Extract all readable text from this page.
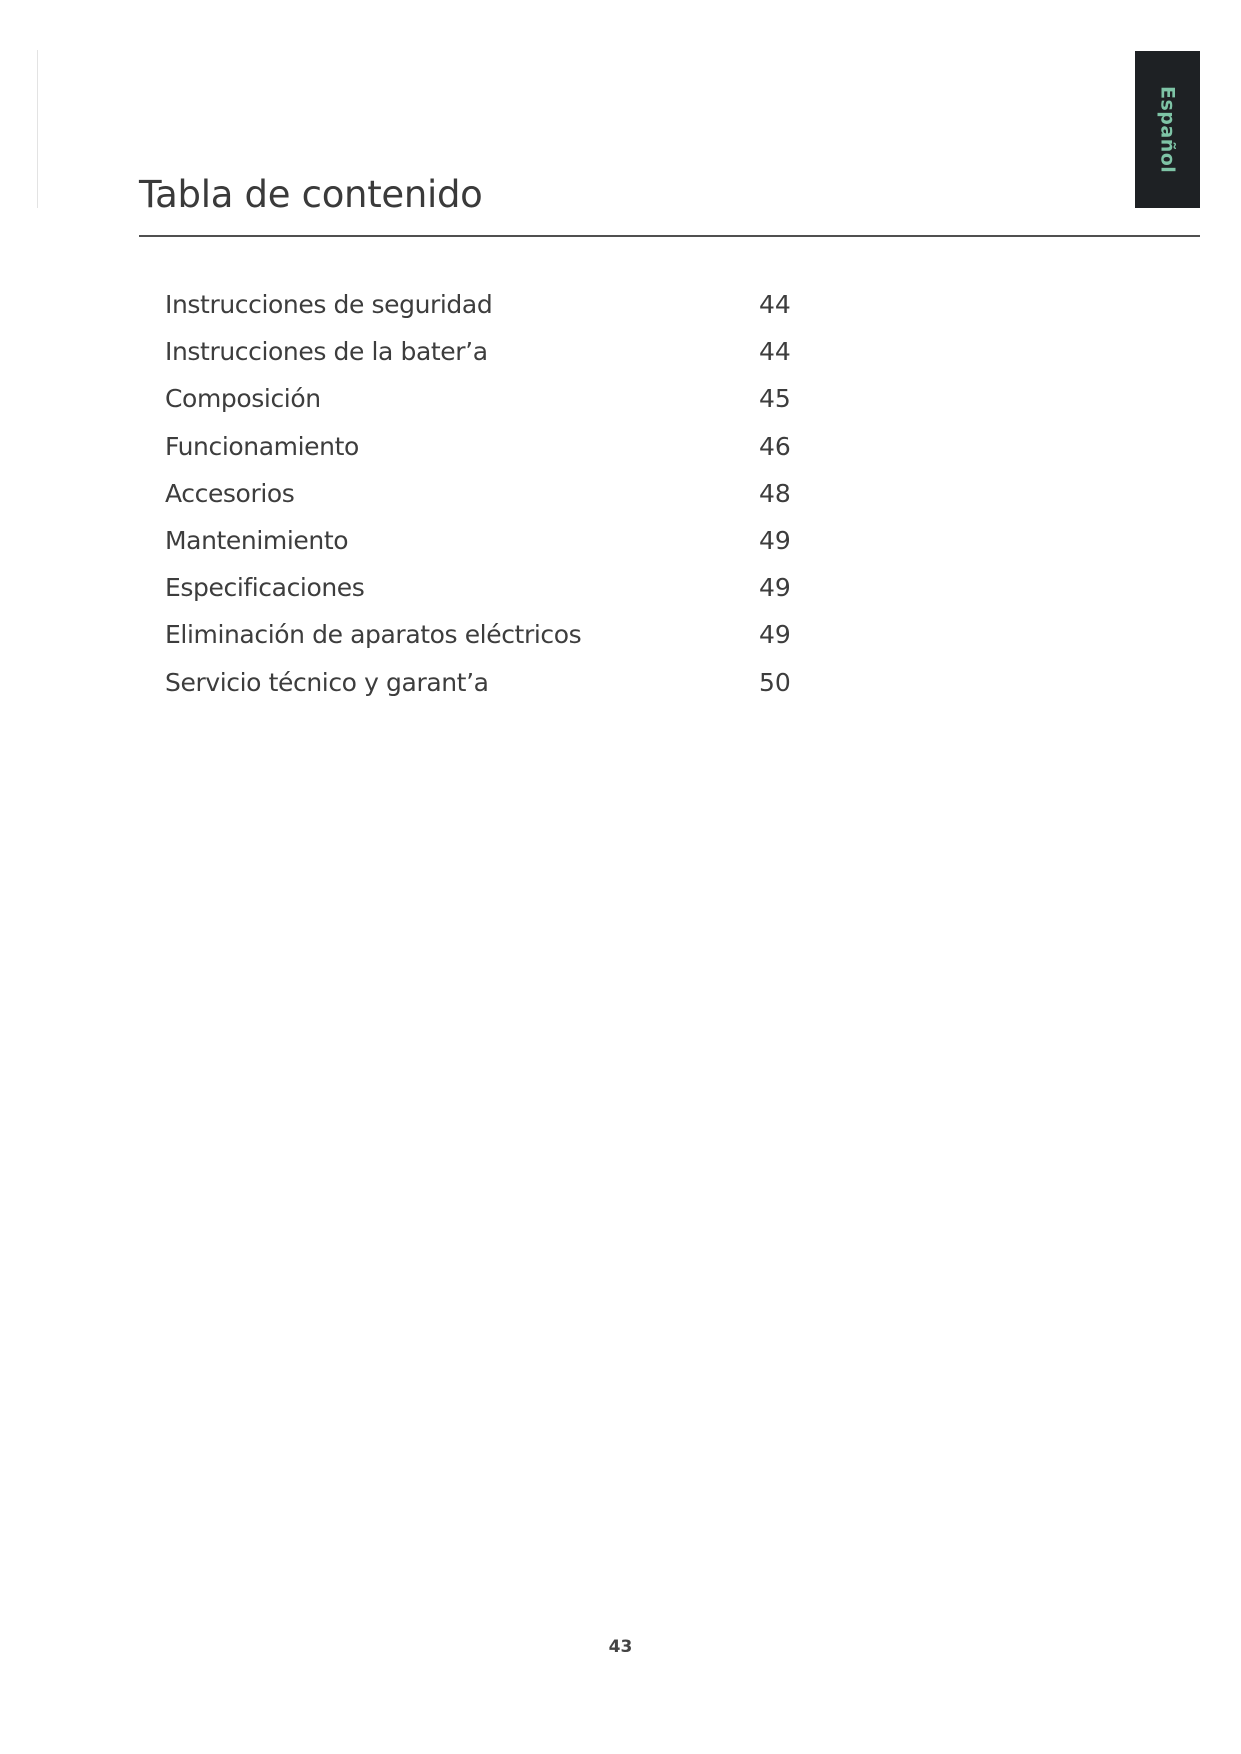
Español
Tabla de contenido
Instrucciones de seguridad	44
Instrucciones de la bater’a	44
Composición	45
Funcionamiento	46
Accesorios	48
Mantenimiento	49
Especificaciones	49
Eliminación de aparatos eléctricos	49
Servicio técnico y garant’a	50
43
